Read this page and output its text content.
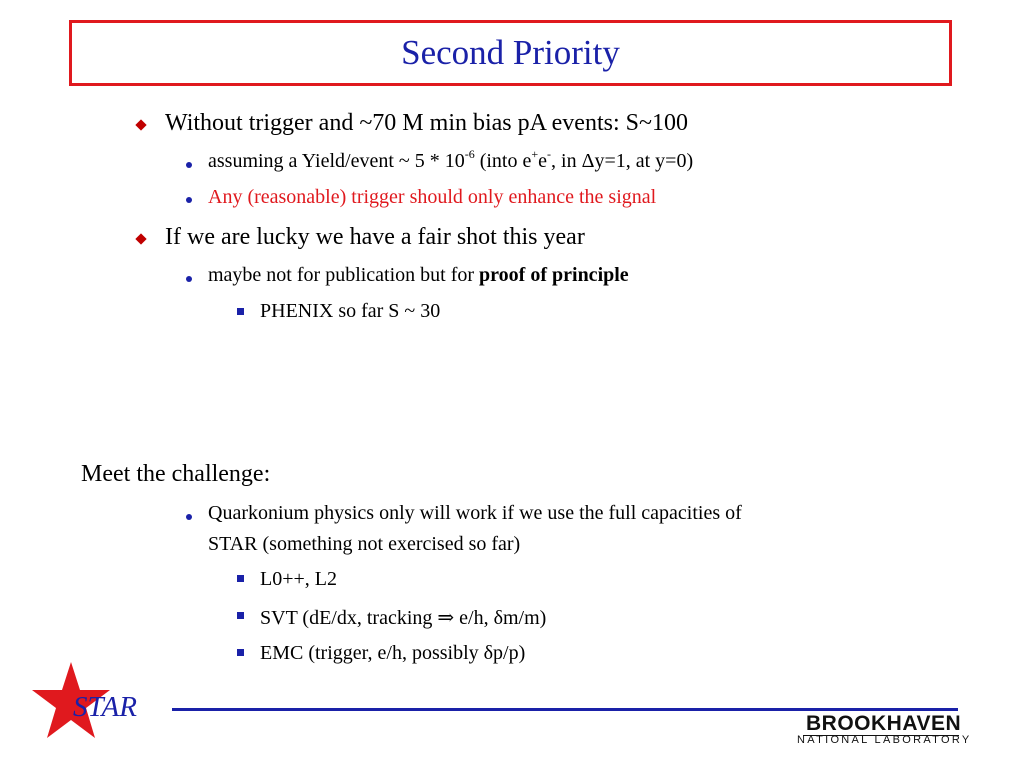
Second Priority
Without trigger and ~70 M min bias pA events: S~100
assuming a Yield/event ~ $5 * 10^{-6}$ (into e+e-, in Δy=1, at y=0)
Any (reasonable) trigger should only enhance the signal
If we are lucky we have a fair shot this year
maybe not for publication but for proof of principle
PHENIX so far S ~ 30
Meet the challenge:
Quarkonium physics only will work if we use the full capacities of
STAR (something not exercised so far)
L0++, L2
SVT (dE/dx, tracking ⇒ e/h, δm/m)
EMC (trigger, e/h, possibly δp/p)
STAR
BROOKHAVEN
NATIONAL LABORATORY
